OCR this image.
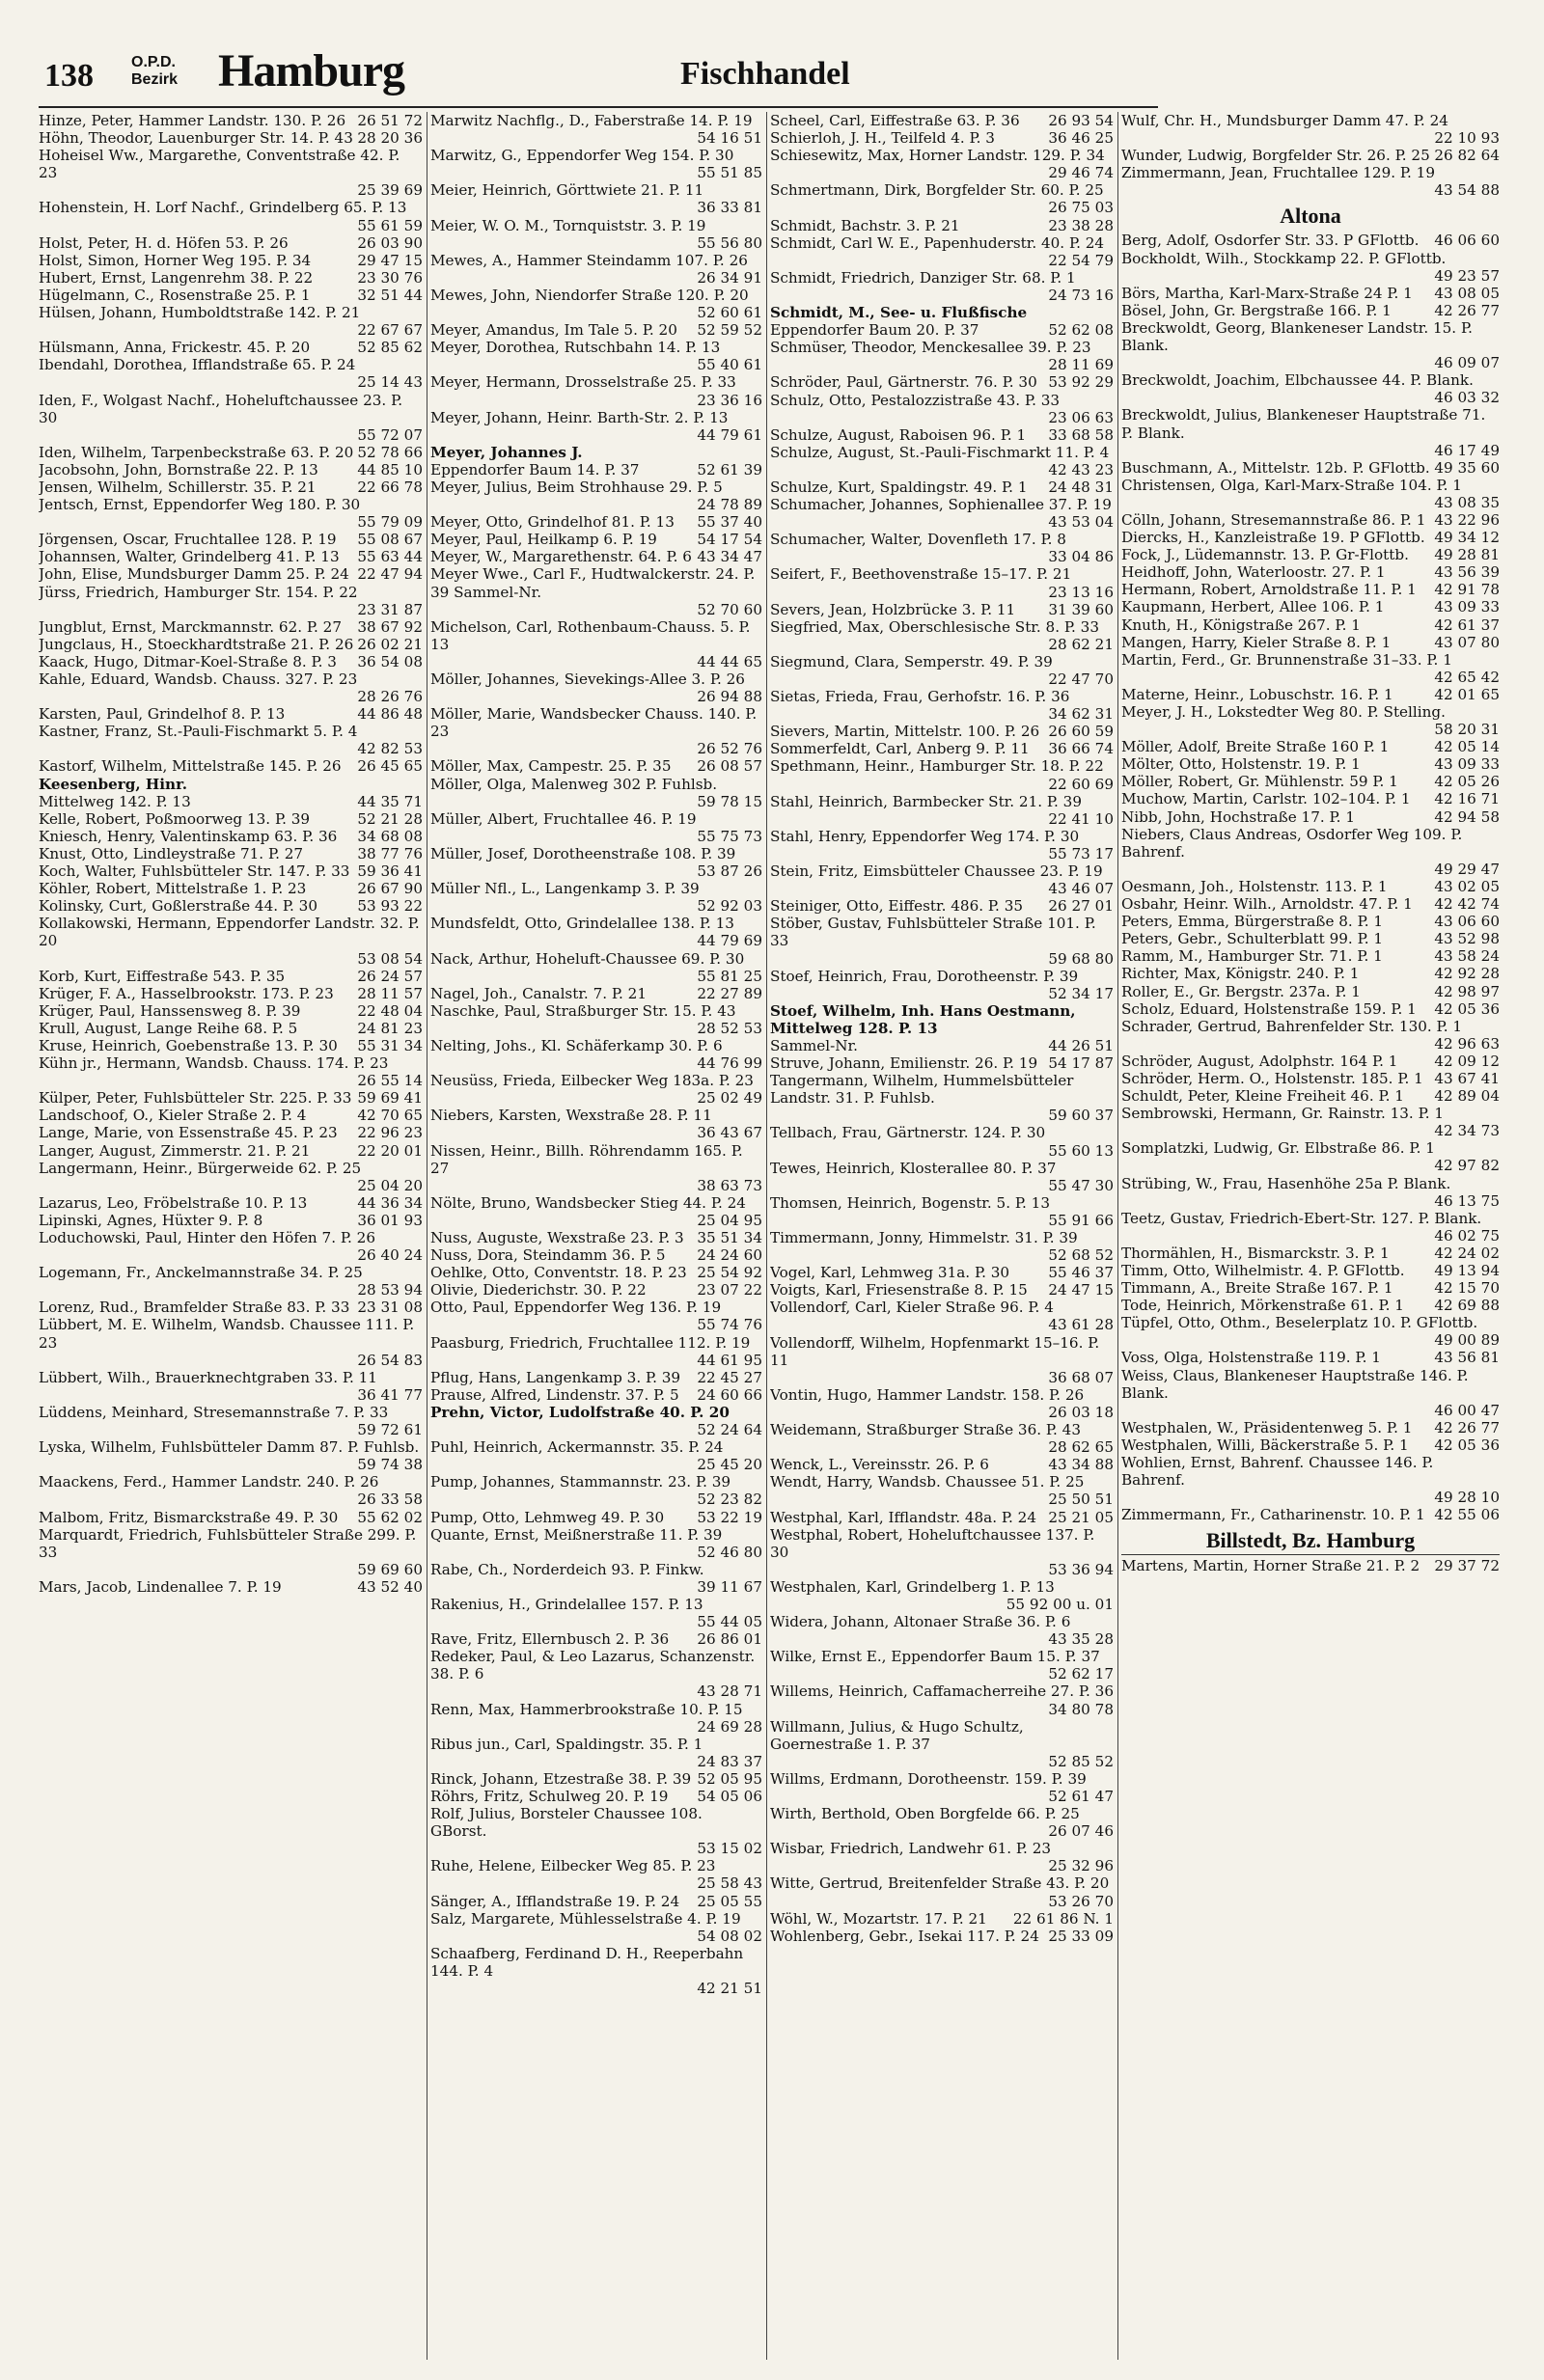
138 O.P.D.
Bezirk Hamburg	Fischhandel

Hinze, Peter, Hammer Landstr. 130. P. 26 26 51 72

Höhn, Theodor, Lauenburger Str. 14. P. 43 28 20 36

Hoheisel Ww., Margarethe, Conventstraße 42. P. 23
25 39 69

Hohenstein, H. Lorf Nachf., Grindelberg 65. P. 13
55 61 59

Holst, Peter, H. d. Höfen 53. P. 26	26 03 90

Holst, Simon, Horner Weg 195. P. 34	29 47 15

Hubert, Ernst, Langenrehm 38. P. 22	23 30 76

Hügelmann, C., Rosenstraße 25. P. 1	32 51 44

Hülsen, Johann, Humboldtstraße 142. P. 21
22 67 67

Hülsmann, Anna, Frickestr. 45. P. 20	52 85 62

Ibendahl, Dorothea, Ifflandstraße 65. P. 24
25 14 43

Iden, F., Wolgast Nachf., Hoheluftchaussee 23. P. 30
55 72 07

Iden, Wilhelm, Tarpenbeckstraße 63. P. 20 52 78 66

Jacobsohn, John, Bornstraße 22. P. 13	44 85 10

Jensen, Wilhelm, Schillerstr. 35. P. 21	22 66 78

Jentsch, Ernst, Eppendorfer Weg 180. P. 30
55 79 09

Jörgensen, Oscar, Fruchtallee 128. P. 19	55 08 67

Johannsen, Walter, Grindelberg 41. P. 13	55 63 44

John, Elise, Mundsburger Damm 25. P. 24 22 47 94

Jürss, Friedrich, Hamburger Str. 154. P. 22
23 31 87

Jungblut, Ernst, Marckmannstr. 62. P. 27	38 67 92

Jungclaus, H., Stoeckhardtstraße 21. P. 26 26 02 21

Kaack, Hugo, Ditmar-Koel-Straße 8. P. 3	36 54 08

Kahle, Eduard, Wandsb. Chauss. 327. P. 23
28 26 76

Karsten, Paul, Grindelhof 8. P. 13	44 86 48

Kastner, Franz, St.-Pauli-Fischmarkt 5. P. 4
42 82 53

Kastorf, Wilhelm, Mittelstraße 145. P. 26	26 45 65

Keesenberg, Hinr.

Mittelweg 142. P. 13	44 35 71

Kelle, Robert, Poßmoorweg 13. P. 39	52 21 28

Kniesch, Henry, Valentinskamp 63. P. 36	34 68 08

Knust, Otto, Lindleystraße 71. P. 27	38 77 76

Koch, Walter, Fuhlsbütteler Str. 147. P. 33 59 36 41

Köhler, Robert, Mittelstraße 1. P. 23	26 67 90

Kolinsky, Curt, Goßlerstraße 44. P. 30	53 93 22

Kollakowski, Hermann, Eppendorfer Landstr. 32. P. 20
53 08 54

Korb, Kurt, Eiffestraße 543. P. 35	26 24 57

Krüger, F. A., Hasselbrookstr. 173. P. 23	28 11 57

Krüger, Paul, Hanssensweg 8. P. 39	22 48 04

Krull, August, Lange Reihe 68. P. 5	24 81 23

Kruse, Heinrich, Goebenstraße 13. P. 30	55 31 34

Kühn jr., Hermann, Wandsb. Chauss. 174. P. 23
26 55 14

Külper, Peter, Fuhlsbütteler Str. 225. P. 33 59 69 41

Landschoof, O., Kieler Straße 2. P. 4	42 70 65

Lange, Marie, von Essenstraße 45. P. 23	22 96 23

Langer, August, Zimmerstr. 21. P. 21	22 20 01

Langermann, Heinr., Bürgerweide 62. P. 25
25 04 20

Lazarus, Leo, Fröbelstraße 10. P. 13	44 36 34

Lipinski, Agnes, Hüxter 9. P. 8	36 01 93

Loduchowski, Paul, Hinter den Höfen 7. P. 26
26 40 24

Logemann, Fr., Anckelmannstraße 34. P. 25
28 53 94

Lorenz, Rud., Bramfelder Straße 83. P. 33 23 31 08

Lübbert, M. E. Wilhelm, Wandsb. Chaussee 111. P. 23
26 54 83

Lübbert, Wilh., Brauerknechtgraben 33. P. 11
36 41 77

Lüddens, Meinhard, Stresemannstraße 7. P. 33
59 72 61

Lyska, Wilhelm, Fuhlsbütteler Damm 87. P. Fuhlsb.
59 74 38

Maackens, Ferd., Hammer Landstr. 240. P. 26
26 33 58

Malbom, Fritz, Bismarckstraße 49. P. 30	55 62 02

Marquardt, Friedrich, Fuhlsbütteler Straße 299. P. 33
59 69 60

Mars, Jacob, Lindenallee 7. P. 19	43 52 40

Marwitz Nachflg., D., Faberstraße 14. P. 19
54 16 51

Marwitz, G., Eppendorfer Weg 154. P. 30
55 51 85

Meier, Heinrich, Görttwiete 21. P. 11
36 33 81

Meier, W. O. M., Tornquiststr. 3. P. 19
55 56 80

Mewes, A., Hammer Steindamm 107. P. 26
26 34 91

Mewes, John, Niendorfer Straße 120. P. 20
52 60 61

Meyer, Amandus, Im Tale 5. P. 20	52 59 52

Meyer, Dorothea, Rutschbahn 14. P. 13
55 40 61

Meyer, Hermann, Drosselstraße 25. P. 33
23 36 16

Meyer, Johann, Heinr. Barth-Str. 2. P. 13
44 79 61

Meyer, Johannes J.

Eppendorfer Baum 14. P. 37	52 61 39

Meyer, Julius, Beim Strohhause 29. P. 5
24 78 89

Meyer, Otto, Grindelhof 81. P. 13	55 37 40

Meyer, Paul, Heilkamp 6. P. 19	54 17 54

Meyer, W., Margarethenstr. 64. P. 6 43 34 47

Meyer Wwe., Carl F., Hudtwalckerstr. 24. P. 39 Sammel-Nr.
52 70 60

Michelson, Carl, Rothenbaum-Chauss. 5. P. 13
44 44 65

Möller, Johannes, Sievekings-Allee 3. P. 26
26 94 88

Möller, Marie, Wandsbecker Chauss. 140. P. 23
26 52 76

Möller, Max, Campestr. 25. P. 35	26 08 57

Möller, Olga, Malenweg 302 P. Fuhlsb.
59 78 15

Müller, Albert, Fruchtallee 46. P. 19
55 75 73

Müller, Josef, Dorotheenstraße 108. P. 39
53 87 26

Müller Nfl., L., Langenkamp 3. P. 39
52 92 03

Mundsfeldt, Otto, Grindelallee 138. P. 13
44 79 69

Nack, Arthur, Hoheluft-Chaussee 69. P. 30
55 81 25

Nagel, Joh., Canalstr. 7. P. 21	22 27 89

Naschke, Paul, Straßburger Str. 15. P. 43
28 52 53

Nelting, Johs., Kl. Schäferkamp 30. P. 6
44 76 99

Neusüss, Frieda, Eilbecker Weg 183a. P. 23
25 02 49

Niebers, Karsten, Wexstraße 28. P. 11
36 43 67

Nissen, Heinr., Billh. Röhrendamm 165. P. 27
38 63 73

Nölte, Bruno, Wandsbecker Stieg 44. P. 24
25 04 95

Nuss, Auguste, Wexstraße 23. P. 3 35 51 34

Nuss, Dora, Steindamm 36. P. 5	24 24 60

Oehlke, Otto, Conventstr. 18. P. 23 25 54 92

Olivie, Diederichstr. 30. P. 22	23 07 22

Otto, Paul, Eppendorfer Weg 136. P. 19
55 74 76

Paasburg, Friedrich, Fruchtallee 112. P. 19
44 61 95

Pflug, Hans, Langenkamp 3. P. 39	22 45 27

Prause, Alfred, Lindenstr. 37. P. 5	24 60 66

Prehn, Victor, Ludolfstraße 40. P. 20
52 24 64

Puhl, Heinrich, Ackermannstr. 35. P. 24
25 45 20

Pump, Johannes, Stammannstr. 23. P. 39
52 23 82

Pump, Otto, Lehmweg 49. P. 30	53 22 19

Quante, Ernst, Meißnerstraße 11. P. 39
52 46 80

Rabe, Ch., Norderdeich 93. P. Finkw.
39 11 67

Rakenius, H., Grindelallee 157. P. 13
55 44 05

Rave, Fritz, Ellernbusch 2. P. 36	26 86 01

Redeker, Paul, & Leo Lazarus, Schanzenstr. 38. P. 6
43 28 71

Renn, Max, Hammerbrookstraße 10. P. 15
24 69 28

Ribus jun., Carl, Spaldingstr. 35. P. 1
24 83 37

Rinck, Johann, Etzestraße 38. P. 39 52 05 95

Röhrs, Fritz, Schulweg 20. P. 19	54 05 06

Rolf, Julius, Borsteler Chaussee 108. GBorst.
53 15 02

Ruhe, Helene, Eilbecker Weg 85. P. 23
25 58 43

Sänger, A., Ifflandstraße 19. P. 24	25 05 55

Salz, Margarete, Mühlesselstraße 4. P. 19
54 08 02

Schaafberg, Ferdinand D. H., Reeperbahn 144. P. 4
42 21 51

Scheel, Carl, Eiffestraße 63. P. 36	26 93 54

Schierloh, J. H., Teilfeld 4. P. 3	36 46 25

Schiesewitz, Max, Horner Landstr. 129. P. 34
29 46 74

Schmertmann, Dirk, Borgfelder Str. 60. P. 25
26 75 03

Schmidt, Bachstr. 3. P. 21	23 38 28

Schmidt, Carl W. E., Papenhuderstr. 40. P. 24
22 54 79

Schmidt, Friedrich, Danziger Str. 68. P. 1
24 73 16

Schmidt, M., See- u. Flußfische

Eppendorfer Baum 20. P. 37	52 62 08

Schmüser, Theodor, Menckesallee 39. P. 23
28 11 69

Schröder, Paul, Gärtnerstr. 76. P. 30 53 92 29

Schulz, Otto, Pestalozzistraße 43. P. 33
23 06 63

Schulze, August, Raboisen 96. P. 1	33 68 58

Schulze, August, St.-Pauli-Fischmarkt 11. P. 4
42 43 23

Schulze, Kurt, Spaldingstr. 49. P. 1	24 48 31

Schumacher, Johannes, Sophienallee 37. P. 19
43 53 04

Schumacher, Walter, Dovenfleth 17. P. 8
33 04 86

Seifert, F., Beethovenstraße 15–17. P. 21
23 13 16

Severs, Jean, Holzbrücke 3. P. 11	31 39 60

Siegfried, Max, Oberschlesische Str. 8. P. 33
28 62 21

Siegmund, Clara, Semperstr. 49. P. 39
22 47 70

Sietas, Frieda, Frau, Gerhofstr. 16. P. 36
34 62 31

Sievers, Martin, Mittelstr. 100. P. 26 26 60 59

Sommerfeldt, Carl, Anberg 9. P. 11	36 66 74

Spethmann, Heinr., Hamburger Str. 18. P. 22
22 60 69

Stahl, Heinrich, Barmbecker Str. 21. P. 39
22 41 10

Stahl, Henry, Eppendorfer Weg 174. P. 30
55 73 17

Stein, Fritz, Eimsbütteler Chaussee 23. P. 19
43 46 07

Steiniger, Otto, Eiffestr. 486. P. 35	26 27 01

Stöber, Gustav, Fuhlsbütteler Straße 101. P. 33
59 68 80

Stoef, Heinrich, Frau, Dorotheenstr. P. 39
52 34 17

Stoef, Wilhelm, Inh. Hans Oestmann, Mittelweg 128. P. 13

Sammel-Nr.	44 26 51

Struve, Johann, Emilienstr. 26. P. 19 54 17 87

Tangermann, Wilhelm, Hummelsbütteler Landstr. 31. P. Fuhlsb.
59 60 37

Tellbach, Frau, Gärtnerstr. 124. P. 30
55 60 13

Tewes, Heinrich, Klosterallee 80. P. 37
55 47 30

Thomsen, Heinrich, Bogenstr. 5. P. 13
55 91 66

Timmermann, Jonny, Himmelstr. 31. P. 39
52 68 52

Vogel, Karl, Lehmweg 31a. P. 30	55 46 37

Voigts, Karl, Friesenstraße 8. P. 15	24 47 15

Vollendorf, Carl, Kieler Straße 96. P. 4
43 61 28

Vollendorff, Wilhelm, Hopfenmarkt 15–16. P. 11
36 68 07

Vontin, Hugo, Hammer Landstr. 158. P. 26
26 03 18

Weidemann, Straßburger Straße 36. P. 43
28 62 65

Wenck, L., Vereinsstr. 26. P. 6	43 34 88

Wendt, Harry, Wandsb. Chaussee 51. P. 25
25 50 51

Westphal, Karl, Ifflandstr. 48a. P. 24 25 21 05

Westphal, Robert, Hoheluftchaussee 137. P. 30
53 36 94

Westphalen, Karl, Grindelberg 1. P. 13
55 92 00 u. 01

Widera, Johann, Altonaer Straße 36. P. 6
43 35 28

Wilke, Ernst E., Eppendorfer Baum 15. P. 37
52 62 17

Willems, Heinrich, Caffamacherreihe 27. P. 36
34 80 78

Willmann, Julius, & Hugo Schultz, Goernestraße 1. P. 37
52 85 52

Willms, Erdmann, Dorotheenstr. 159. P. 39
52 61 47

Wirth, Berthold, Oben Borgfelde 66. P. 25
26 07 46

Wisbar, Friedrich, Landwehr 61. P. 23
25 32 96

Witte, Gertrud, Breitenfelder Straße 43. P. 20
53 26 70

Wöhl, W., Mozartstr. 17. P. 21	22 61 86 N. 1

Wohlenberg, Gebr., Isekai 117. P. 24 25 33 09

Wulf, Chr. H., Mundsburger Damm 47. P. 24
22 10 93

Wunder, Ludwig, Borgfelder Str. 26. P. 25 26 82 64

Zimmermann, Jean, Fruchtallee 129. P. 19
43 54 88

Altona

Berg, Adolf, Osdorfer Str. 33. P GFlottb.	46 06 60

Bockholdt, Wilh., Stockkamp 22. P. GFlottb.
49 23 57

Börs, Martha, Karl-Marx-Straße 24 P. 1	43 08 05

Bösel, John, Gr. Bergstraße 166. P. 1	42 26 77

Breckwoldt, Georg, Blankeneser Landstr. 15. P. Blank.
46 09 07

Breckwoldt, Joachim, Elbchaussee 44. P. Blank.
46 03 32

Breckwoldt, Julius, Blankeneser Hauptstraße 71. P. Blank.
46 17 49

Buschmann, A., Mittelstr. 12b. P. GFlottb. 49 35 60

Christensen, Olga, Karl-Marx-Straße 104. P. 1
43 08 35

Cölln, Johann, Stresemannstraße 86. P. 1 43 22 96

Diercks, H., Kanzleistraße 19. P GFlottb. 49 34 12

Fock, J., Lüdemannstr. 13. P. Gr-Flottb.	49 28 81

Heidhoff, John, Waterloostr. 27. P. 1	43 56 39

Hermann, Robert, Arnoldstraße 11. P. 1	42 91 78

Kaupmann, Herbert, Allee 106. P. 1	43 09 33

Knuth, H., Königstraße 267. P. 1	42 61 37

Mangen, Harry, Kieler Straße 8. P. 1	43 07 80

Martin, Ferd., Gr. Brunnenstraße 31–33. P. 1
42 65 42

Materne, Heinr., Lobuschstr. 16. P. 1	42 01 65

Meyer, J. H., Lokstedter Weg 80. P. Stelling.
58 20 31

Möller, Adolf, Breite Straße 160 P. 1	42 05 14

Mölter, Otto, Holstenstr. 19. P. 1	43 09 33

Möller, Robert, Gr. Mühlenstr. 59 P. 1	42 05 26

Muchow, Martin, Carlstr. 102–104. P. 1	42 16 71

Nibb, John, Hochstraße 17. P. 1	42 94 58

Niebers, Claus Andreas, Osdorfer Weg 109. P. Bahrenf.
49 29 47

Oesmann, Joh., Holstenstr. 113. P. 1	43 02 05

Osbahr, Heinr. Wilh., Arnoldstr. 47. P. 1	42 42 74

Peters, Emma, Bürgerstraße 8. P. 1	43 06 60

Peters, Gebr., Schulterblatt 99. P. 1	43 52 98

Ramm, M., Hamburger Str. 71. P. 1	43 58 24

Richter, Max, Königstr. 240. P. 1	42 92 28

Roller, E., Gr. Bergstr. 237a. P. 1	42 98 97

Scholz, Eduard, Holstenstraße 159. P. 1	42 05 36

Schrader, Gertrud, Bahrenfelder Str. 130. P. 1
42 96 63

Schröder, August, Adolphstr. 164 P. 1	42 09 12

Schröder, Herm. O., Holstenstr. 185. P. 1 43 67 41

Schuldt, Peter, Kleine Freiheit 46. P. 1	42 89 04

Sembrowski, Hermann, Gr. Rainstr. 13. P. 1
42 34 73

Somplatzki, Ludwig, Gr. Elbstraße 86. P. 1
42 97 82

Strübing, W., Frau, Hasenhöhe 25a P. Blank.
46 13 75

Teetz, Gustav, Friedrich-Ebert-Str. 127. P. Blank.
46 02 75

Thormählen, H., Bismarckstr. 3. P. 1	42 24 02

Timm, Otto, Wilhelmistr. 4. P. GFlottb.	49 13 94

Timmann, A., Breite Straße 167. P. 1	42 15 70

Tode, Heinrich, Mörkenstraße 61. P. 1	42 69 88

Tüpfel, Otto, Othm., Beselerplatz 10. P. GFlottb.
49 00 89

Voss, Olga, Holstenstraße 119. P. 1	43 56 81

Weiss, Claus, Blankeneser Hauptstraße 146. P. Blank.
46 00 47

Westphalen, W., Präsidentenweg 5. P. 1	42 26 77

Westphalen, Willi, Bäckerstraße 5. P. 1	42 05 36

Wohlien, Ernst, Bahrenf. Chaussee 146. P. Bahrenf.
49 28 10

Zimmermann, Fr., Catharinenstr. 10. P. 1 42 55 06

Billstedt, Bz. Hamburg

Martens, Martin, Horner Straße 21. P. 2 29 37 72
